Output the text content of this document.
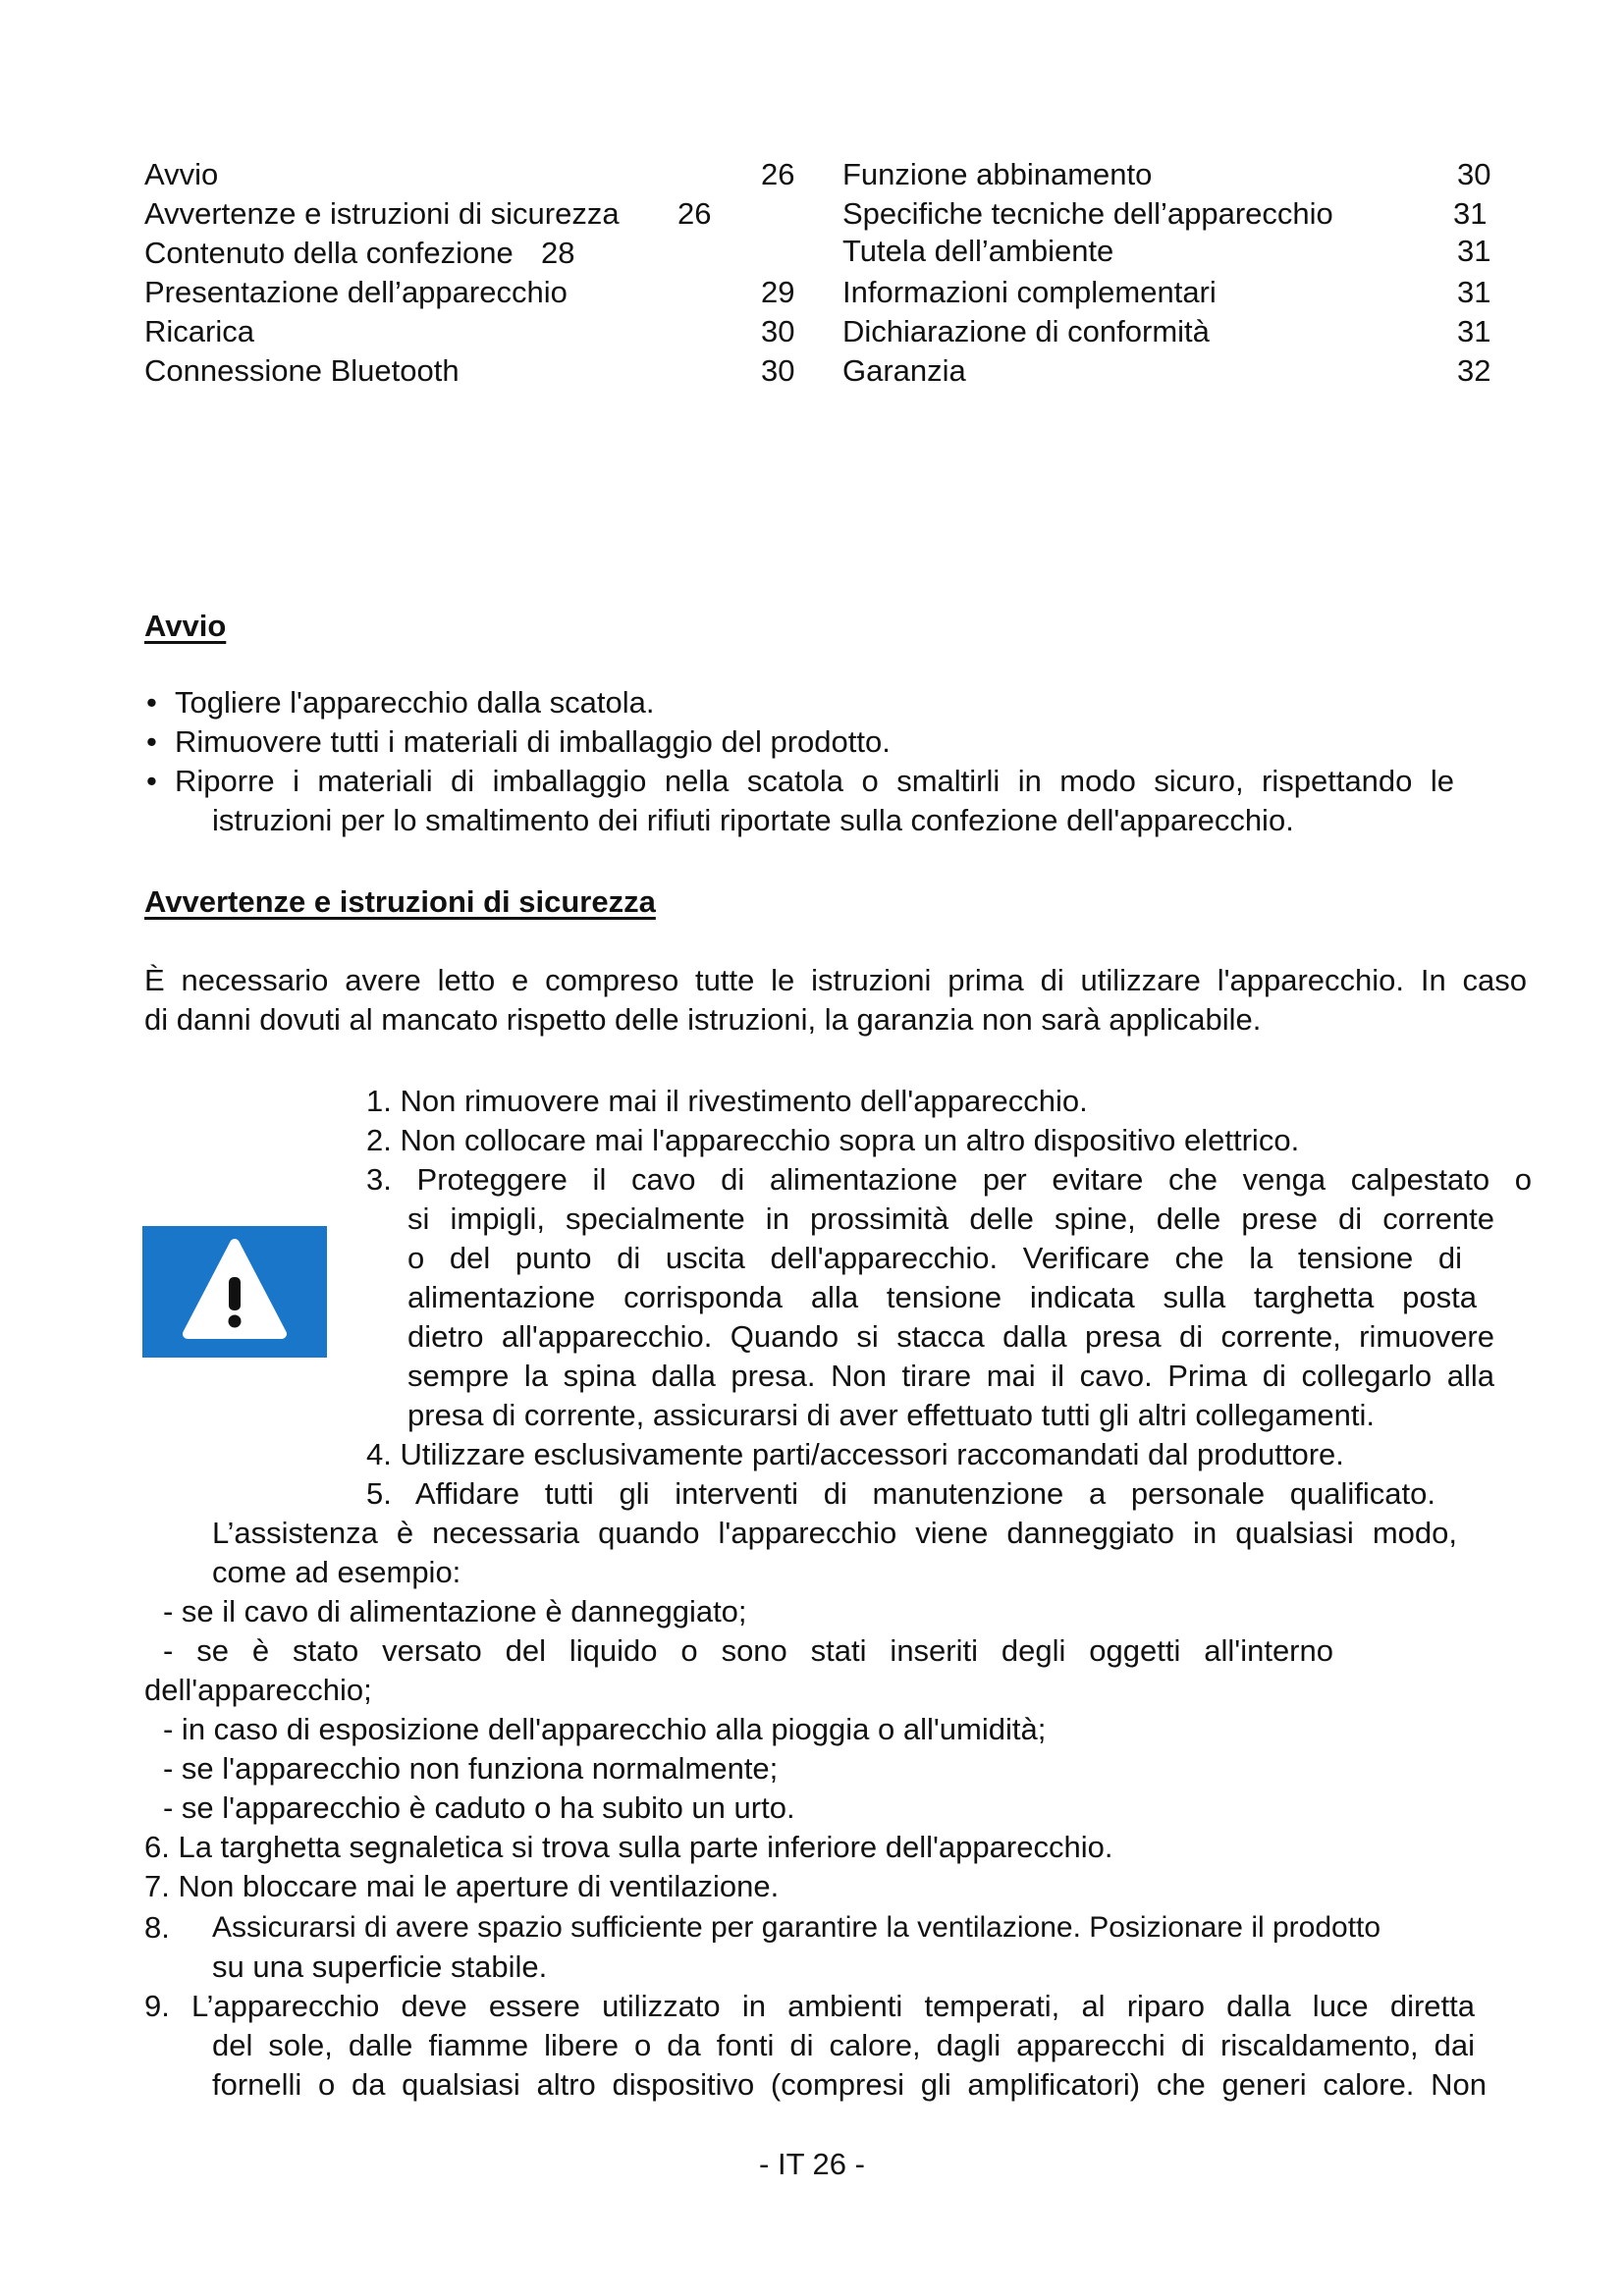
Avvio	26
Avvertenze e istruzioni di sicurezza 26
Contenuto della confezione 28
Presentazione dell’apparecchio	29
Ricarica	30
Connessione Bluetooth	30
Funzione abbinamento	30
Specifiche tecniche dell’apparecchio	31
Tutela dell’ambiente	31
Informazioni complementari	31
Dichiarazione di conformità	31
Garanzia	32
Avvio
• Togliere l'apparecchio dalla scatola.
• Rimuovere tutti i materiali di imballaggio del prodotto.
• Riporre i materiali di imballaggio nella scatola o smaltirli in modo sicuro, rispettando le
istruzioni per lo smaltimento dei rifiuti riportate sulla confezione dell'apparecchio.
Avvertenze e istruzioni di sicurezza
È necessario avere letto e compreso tutte le istruzioni prima di utilizzare l'apparecchio. In caso
di danni dovuti al mancato rispetto delle istruzioni, la garanzia non sarà applicabile.
1. Non rimuovere mai il rivestimento dell'apparecchio.
2. Non collocare mai l'apparecchio sopra un altro dispositivo elettrico.
3. Proteggere il cavo di alimentazione per evitare che venga calpestato o
si impigli, specialmente in prossimità delle spine, delle prese di corrente
o del punto di uscita dell'apparecchio. Verificare che la tensione di
alimentazione corrisponda alla tensione indicata sulla targhetta posta
dietro all'apparecchio. Quando si stacca dalla presa di corrente, rimuovere
sempre la spina dalla presa. Non tirare mai il cavo. Prima di collegarlo alla
presa di corrente, assicurarsi di aver effettuato tutti gli altri collegamenti.
4. Utilizzare esclusivamente parti/accessori raccomandati dal produttore.
5. Affidare tutti gli interventi di manutenzione a personale qualificato.
L’assistenza è necessaria quando l'apparecchio viene danneggiato in qualsiasi modo,
come ad esempio:
- se il cavo di alimentazione è danneggiato;
- se è stato versato del liquido o sono stati inseriti degli oggetti all'interno
dell'apparecchio;
- in caso di esposizione dell'apparecchio alla pioggia o all'umidità;
- se l'apparecchio non funziona normalmente;
- se l'apparecchio è caduto o ha subito un urto.
6. La targhetta segnaletica si trova sulla parte inferiore dell'apparecchio.
7. Non bloccare mai le aperture di ventilazione.
8. Assicurarsi di avere spazio sufficiente per garantire la ventilazione. Posizionare il prodotto
su una superficie stabile.
9. L’apparecchio deve essere utilizzato in ambienti temperati, al riparo dalla luce diretta
del sole, dalle fiamme libere o da fonti di calore, dagli apparecchi di riscaldamento, dai
fornelli o da qualsiasi altro dispositivo (compresi gli amplificatori) che generi calore. Non
- IT 26 -
